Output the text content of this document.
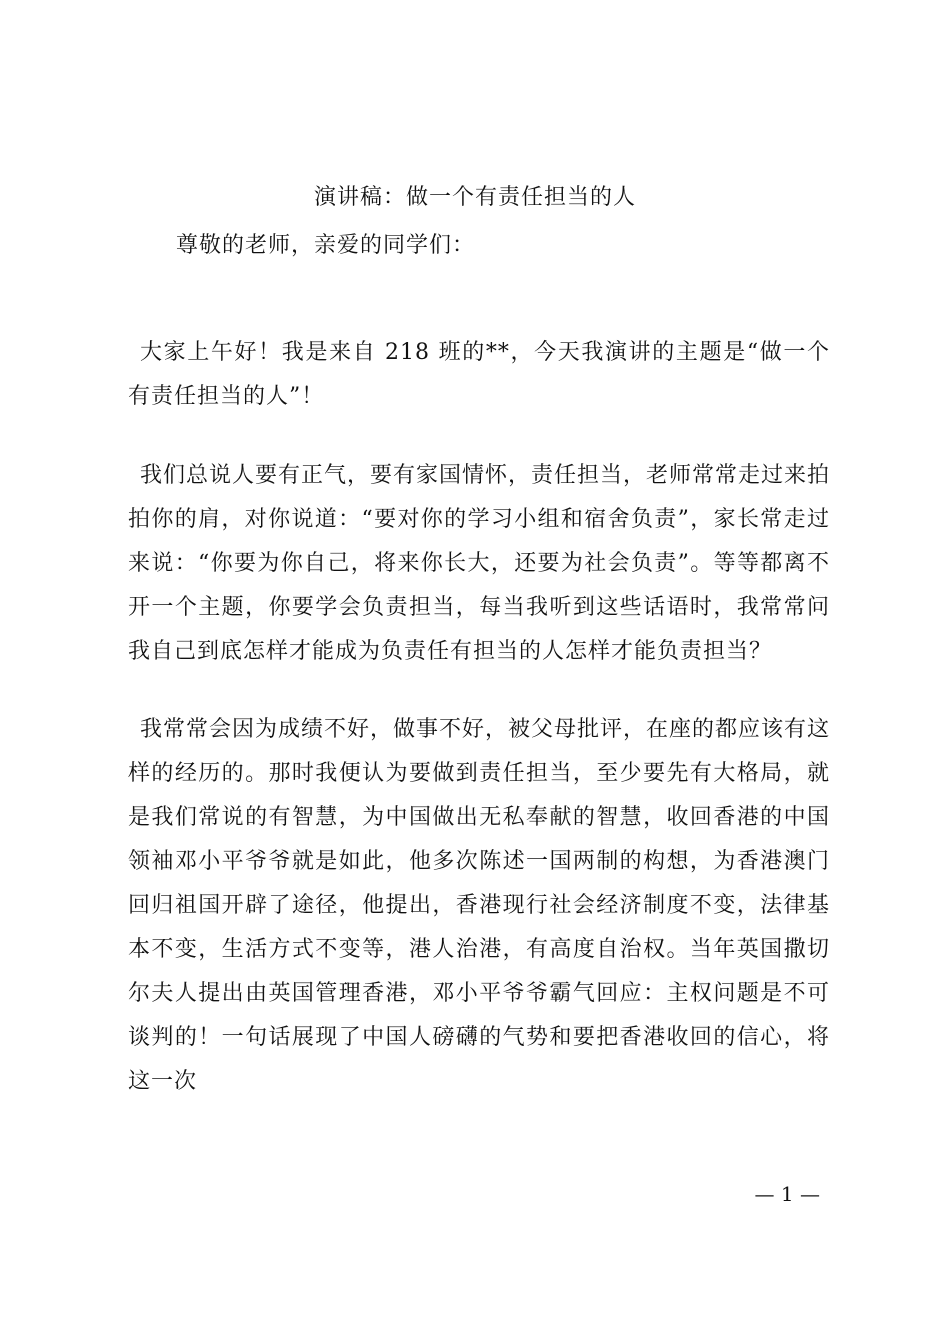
演讲稿：做一个有责任担当的人
尊敬的老师，亲爱的同学们：

大家上午好！我是来自 218 班的**，今天我演讲的主题是“做一个有责任担当的人”！

我们总说人要有正气，要有家国情怀，责任担当，老师常常走过来拍拍你的肩，对你说道：“要对你的学习小组和宿舍负责”，家长常走过来说：“你要为你自己，将来你长大，还要为社会负责”。等等都离不开一个主题，你要学会负责担当，每当我听到这些话语时，我常常问我自己到底怎样才能成为负责任有担当的人怎样才能负责担当？

我常常会因为成绩不好，做事不好，被父母批评，在座的都应该有这样的经历的。那时我便认为要做到责任担当，至少要先有大格局，就是我们常说的有智慧，为中国做出无私奉献的智慧，收回香港的中国领袖邓小平爷爷就是如此，他多次陈述一国两制的构想，为香港澳门回归祖国开辟了途径，他提出，香港现行社会经济制度不变，法律基本不变，生活方式不变等，港人治港，有高度自治权。当年英国撒切尔夫人提出由英国管理香港，邓小平爷爷霸气回应：主权问题是不可谈判的！一句话展现了中国人磅礴的气势和要把香港收回的信心，将这一次

— 1 —
